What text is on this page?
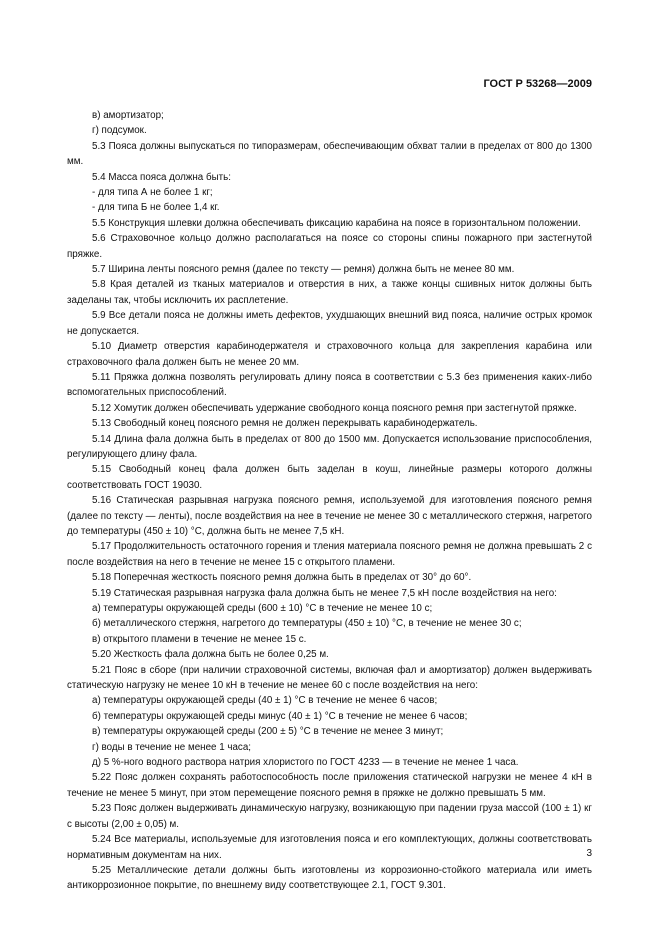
ГОСТ Р 53268—2009

в) амортизатор;

г) подсумок.

5.3 Пояса должны выпускаться по типоразмерам, обеспечивающим обхват талии в пределах от 800 до 1300 мм.

5.4 Масса пояса должна быть:

- для типа А не более 1 кг;

- для типа Б не более 1,4 кг.

5.5 Конструкция шлевки должна обеспечивать фиксацию карабина на поясе в горизонтальном положении.

5.6 Страховочное кольцо должно располагаться на поясе со стороны спины пожарного при застегнутой пряжке.

5.7 Ширина ленты поясного ремня (далее по тексту — ремня) должна быть не менее 80 мм.

5.8 Края деталей из тканых материалов и отверстия в них, а также концы сшивных ниток должны быть заделаны так, чтобы исключить их расплетение.

5.9 Все детали пояса не должны иметь дефектов, ухудшающих внешний вид пояса, наличие острых кромок не допускается.

5.10 Диаметр отверстия карабинодержателя и страховочного кольца для закрепления карабина или страховочного фала должен быть не менее 20 мм.

5.11 Пряжка должна позволять регулировать длину пояса в соответствии с 5.3 без применения каких-либо вспомогательных приспособлений.

5.12 Хомутик должен обеспечивать удержание свободного конца поясного ремня при застегнутой пряжке.

5.13 Свободный конец поясного ремня не должен перекрывать карабинодержатель.

5.14 Длина фала должна быть в пределах от 800 до 1500 мм. Допускается использование приспособления, регулирующего длину фала.

5.15 Свободный конец фала должен быть заделан в коуш, линейные размеры которого должны соответствовать ГОСТ 19030.

5.16 Статическая разрывная нагрузка поясного ремня, используемой для изготовления поясного ремня (далее по тексту — ленты), после воздействия на нее в течение не менее 30 с металлического стержня, нагретого до температуры (450 ± 10) °С, должна быть не менее 7,5 кН.

5.17 Продолжительность остаточного горения и тления материала поясного ремня не должна превышать 2 с после воздействия на него в течение не менее 15 с открытого пламени.

5.18 Поперечная жесткость поясного ремня должна быть в пределах от 30° до 60°.

5.19 Статическая разрывная нагрузка фала должна быть не менее 7,5 кН после воздействия на него:

а) температуры окружающей среды (600 ± 10) °С в течение не менее 10 с;

б) металлического стержня, нагретого до температуры (450 ± 10) °С, в течение не менее 30 с;

в) открытого пламени в течение не менее 15 с.

5.20 Жесткость фала должна быть не более 0,25 м.

5.21 Пояс в сборе (при наличии страховочной системы, включая фал и амортизатор) должен выдерживать статическую нагрузку не менее 10 кН в течение не менее 60 с после воздействия на него:

а) температуры окружающей среды (40 ± 1) °С в течение не менее 6 часов;

б) температуры окружающей среды минус (40 ± 1) °С в течение не менее 6 часов;

в) температуры окружающей среды (200 ± 5) °С в течение не менее 3 минут;

г) воды в течение не менее 1 часа;

д) 5 %-ного водного раствора натрия хлористого по ГОСТ 4233 — в течение не менее 1 часа.

5.22 Пояс должен сохранять работоспособность после приложения статической нагрузки не менее 4 кН в течение не менее 5 минут, при этом перемещение поясного ремня в пряжке не должно превышать 5 мм.

5.23 Пояс должен выдерживать динамическую нагрузку, возникающую при падении груза массой (100 ± 1) кг с высоты (2,00 ± 0,05) м.

5.24 Все материалы, используемые для изготовления пояса и его комплектующих, должны соответствовать нормативным документам на них.

5.25 Металлические детали должны быть изготовлены из коррозионно-стойкого материала или иметь антикоррозионное покрытие, по внешнему виду соответствующее 2.1, ГОСТ 9.301.

3
